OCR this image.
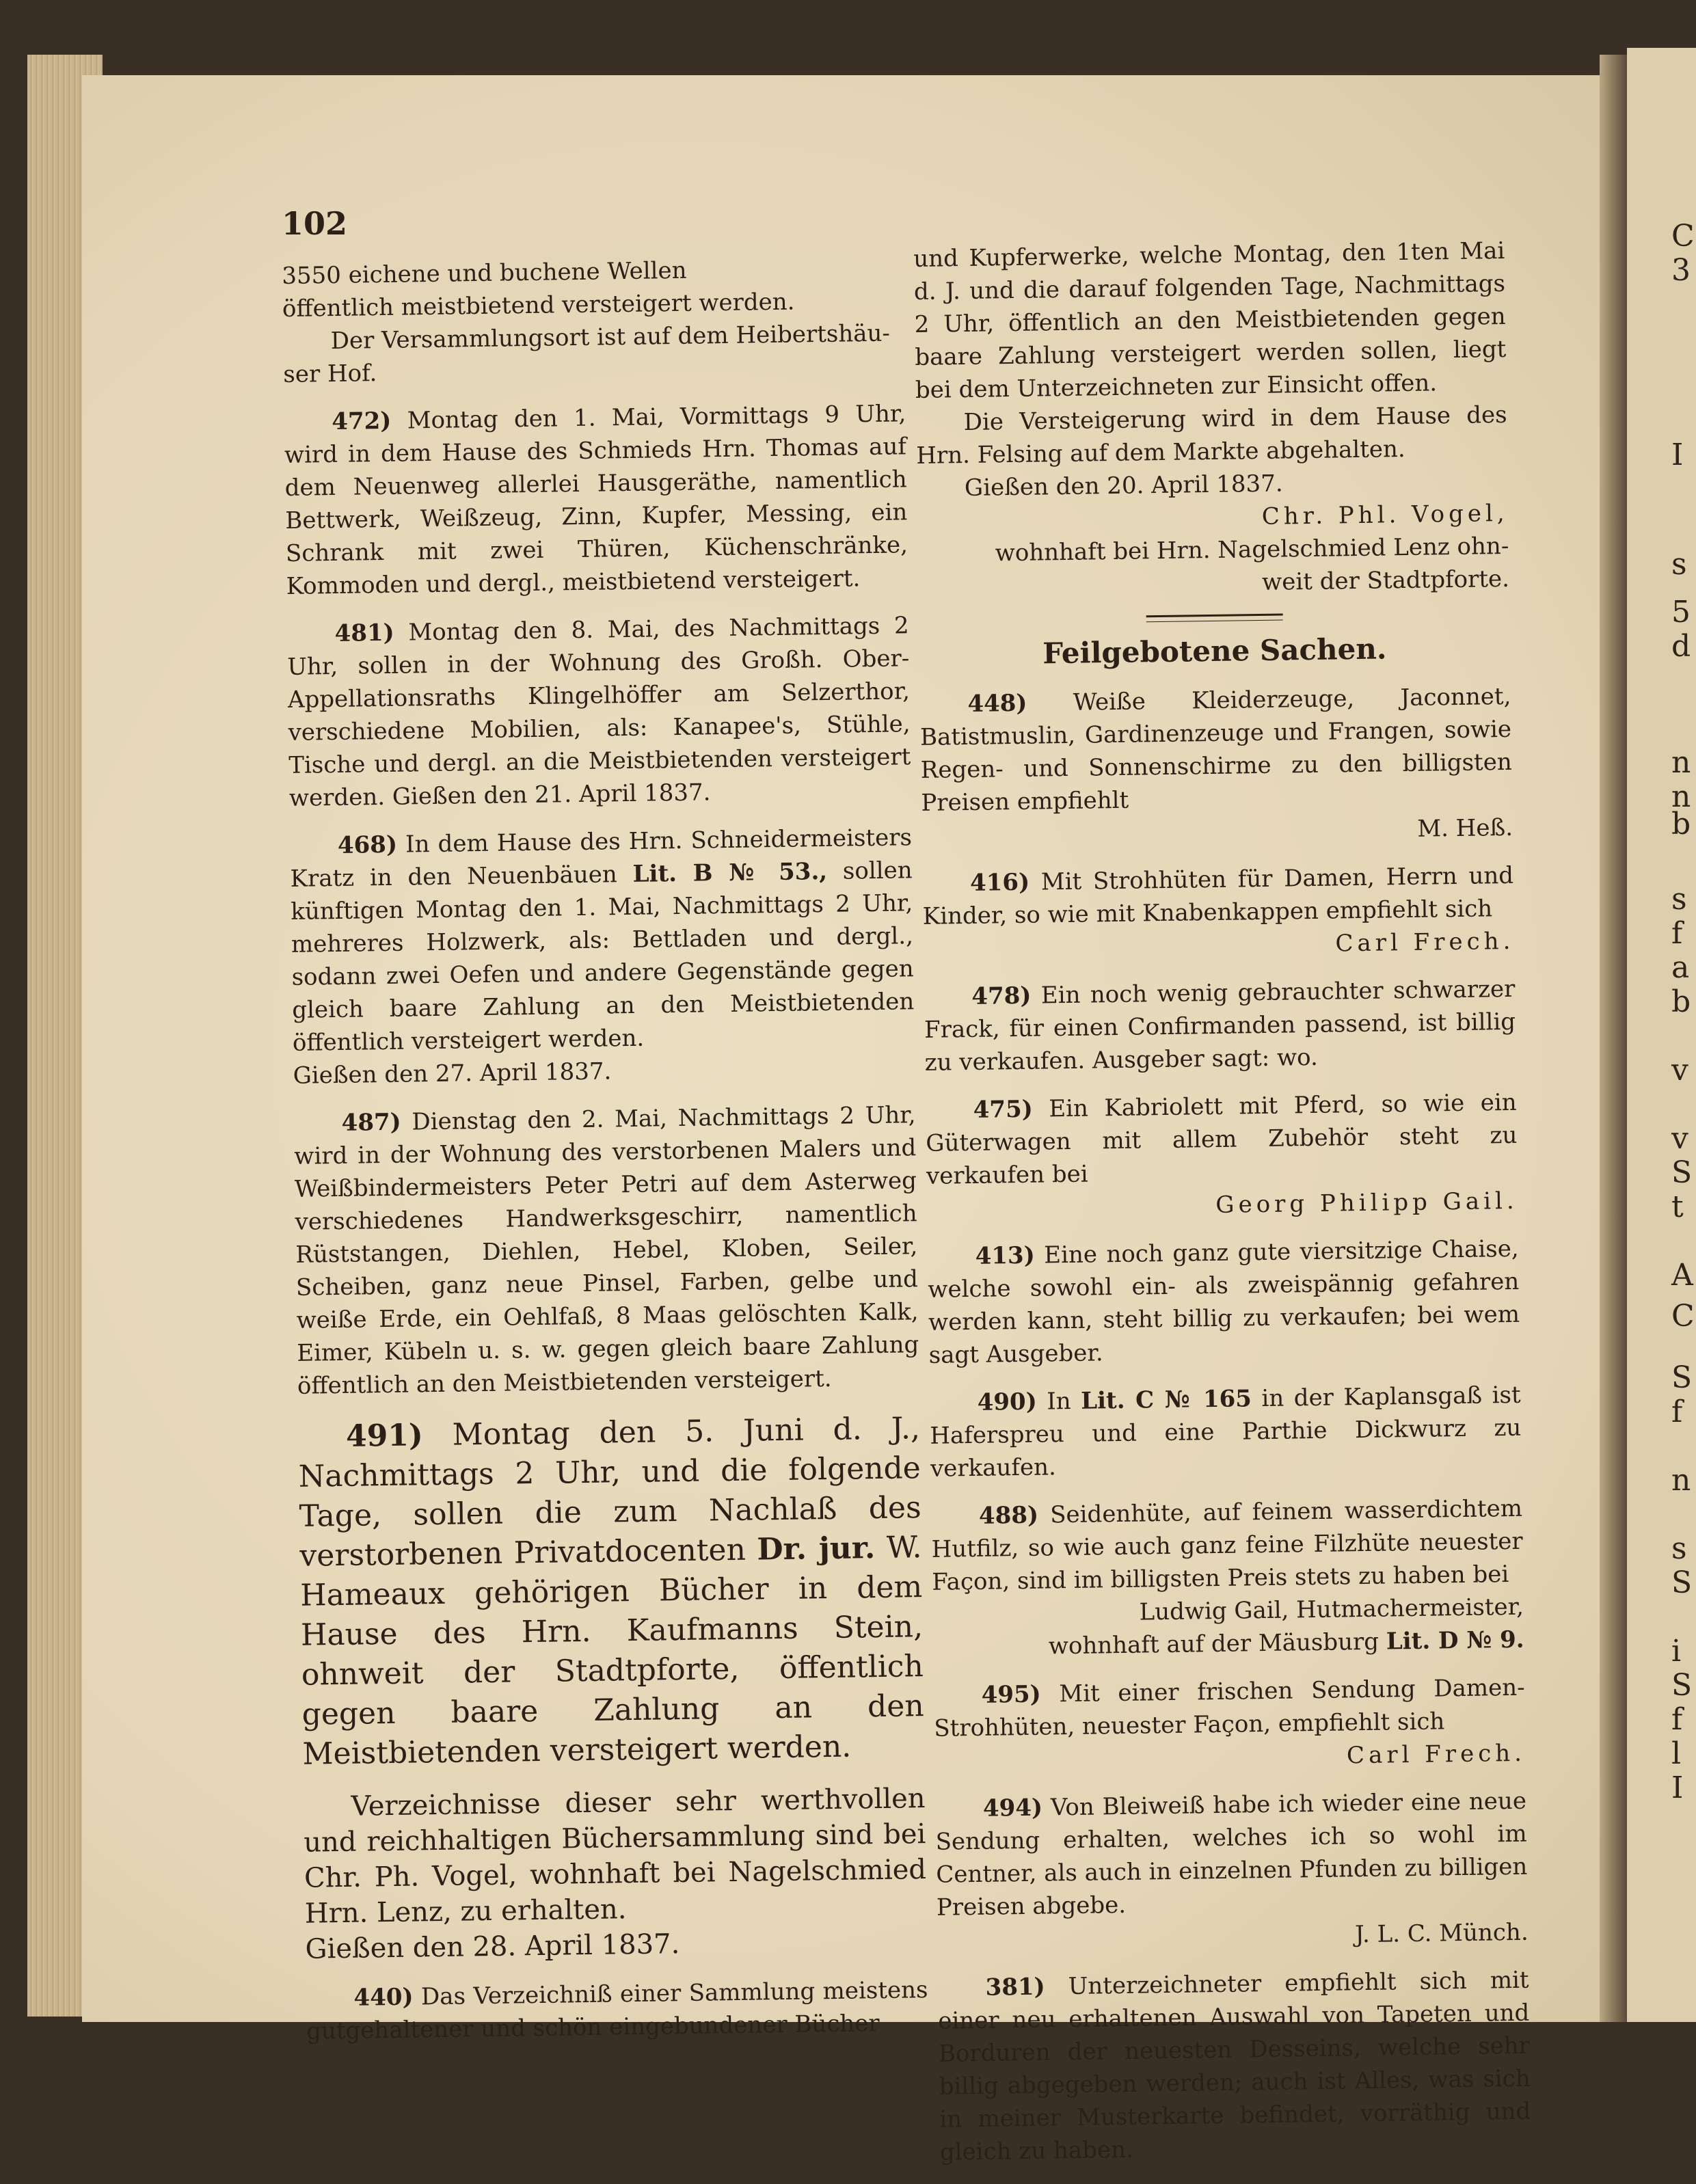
C
3
I
s
5
d
n
n
b
s
f
a
b
v
v
S
t
A
C
S
f
n
s
S
i
S
f
l
I
102

3550 eichene und buchene Wellen

öffentlich meistbietend versteigert werden.

Der Versammlungsort ist auf dem Heibertshäu-

ser Hof.

472) Montag den 1. Mai, Vormittags 9 Uhr, wird in dem Hause des Schmieds Hrn. Thomas auf dem Neuenweg allerlei Hausgeräthe, namentlich Bettwerk, Weißzeug, Zinn, Kupfer, Messing, ein Schrank mit zwei Thüren, Küchenschränke, Kommoden und dergl., meistbietend versteigert.
481) Montag den 8. Mai, des Nachmittags 2 Uhr, sollen in der Wohnung des Großh. Ober-Appellationsraths Klingelhöffer am Selzerthor, verschiedene Mobilien, als: Kanapee's, Stühle, Tische und dergl. an die Meistbietenden versteigert werden. Gießen den 21. April 1837.
468) In dem Hause des Hrn. Schneidermeisters Kratz in den Neuenbäuen Lit. B № 53., sollen künftigen Montag den 1. Mai, Nachmittags 2 Uhr, mehreres Holzwerk, als: Bettladen und dergl., sodann zwei Oefen und andere Gegenstände gegen gleich baare Zahlung an den Meistbietenden öffentlich versteigert werden.
Gießen den 27. April 1837.
487) Dienstag den 2. Mai, Nachmittags 2 Uhr, wird in der Wohnung des verstorbenen Malers und Weißbindermeisters Peter Petri auf dem Asterweg verschiedenes Handwerksgeschirr, namentlich Rüststangen, Diehlen, Hebel, Kloben, Seiler, Scheiben, ganz neue Pinsel, Farben, gelbe und weiße Erde, ein Oehlfaß, 8 Maas gelöschten Kalk, Eimer, Kübeln u. s. w. gegen gleich baare Zahlung öffentlich an den Meistbietenden versteigert.
491) Montag den 5. Juni d. J., Nachmittags 2 Uhr, und die folgende Tage, sollen die zum Nachlaß des verstorbenen Privatdocenten Dr. jur. W. Hameaux gehörigen Bücher in dem Hause des Hrn. Kaufmanns Stein, ohnweit der Stadtpforte, öffentlich gegen baare Zahlung an den Meistbietenden versteigert werden.
Verzeichnisse dieser sehr werthvollen und reichhaltigen Büchersammlung sind bei Chr. Ph. Vogel, wohnhaft bei Nagelschmied Hrn. Lenz, zu erhalten.
Gießen den 28. April 1837.
440) Das Verzeichniß einer Sammlung meistens gutgehaltener und schön eingebundener Bücher
und Kupferwerke, welche Montag, den 1ten Mai d. J. und die darauf folgenden Tage, Nachmittags 2 Uhr, öffentlich an den Meistbietenden gegen baare Zahlung versteigert werden sollen, liegt bei dem Unterzeichneten zur Einsicht offen.

Die Versteigerung wird in dem Hause des Hrn. Felsing auf dem Markte abgehalten.

Gießen den 20. April 1837.

Chr. Phl. Vogel,

wohnhaft bei Hrn. Nagelschmied Lenz ohn-

weit der Stadtpforte.

Feilgebotene Sachen.
448) Weiße Kleiderzeuge, Jaconnet, Batistmuslin, Gardinenzeuge und Frangen, sowie Regen- und Sonnenschirme zu den billigsten Preisen empfiehlt

M. Heß.

416) Mit Strohhüten für Damen, Herrn und Kinder, so wie mit Knabenkappen empfiehlt sich

Carl Frech.

478) Ein noch wenig gebrauchter schwarzer Frack, für einen Confirmanden passend, ist billig zu verkaufen. Ausgeber sagt: wo.
475) Ein Kabriolett mit Pferd, so wie ein Güterwagen mit allem Zubehör steht zu verkaufen bei

Georg Philipp Gail.

413) Eine noch ganz gute viersitzige Chaise, welche sowohl ein- als zweispännig gefahren werden kann, steht billig zu verkaufen; bei wem sagt Ausgeber.
490) In Lit. C № 165 in der Kaplansgaß ist Haferspreu und eine Parthie Dickwurz zu verkaufen.
488) Seidenhüte, auf feinem wasserdichtem Hutfilz, so wie auch ganz feine Filzhüte neuester Façon, sind im billigsten Preis stets zu haben bei

Ludwig Gail, Hutmachermeister,

wohnhaft auf der Mäusburg Lit. D № 9.

495) Mit einer frischen Sendung Damen-Strohhüten, neuester Façon, empfiehlt sich

Carl Frech.

494) Von Bleiweiß habe ich wieder eine neue Sendung erhalten, welches ich so wohl im Centner, als auch in einzelnen Pfunden zu billigen Preisen abgebe.

J. L. C. Münch.

381) Unterzeichneter empfiehlt sich mit einer neu erhaltenen Auswahl von Tapeten und Borduren der neuesten Desseins, welche sehr billig abgegeben werden; auch ist Alles, was sich in meiner Musterkarte befindet, vorräthig und gleich zu haben.
